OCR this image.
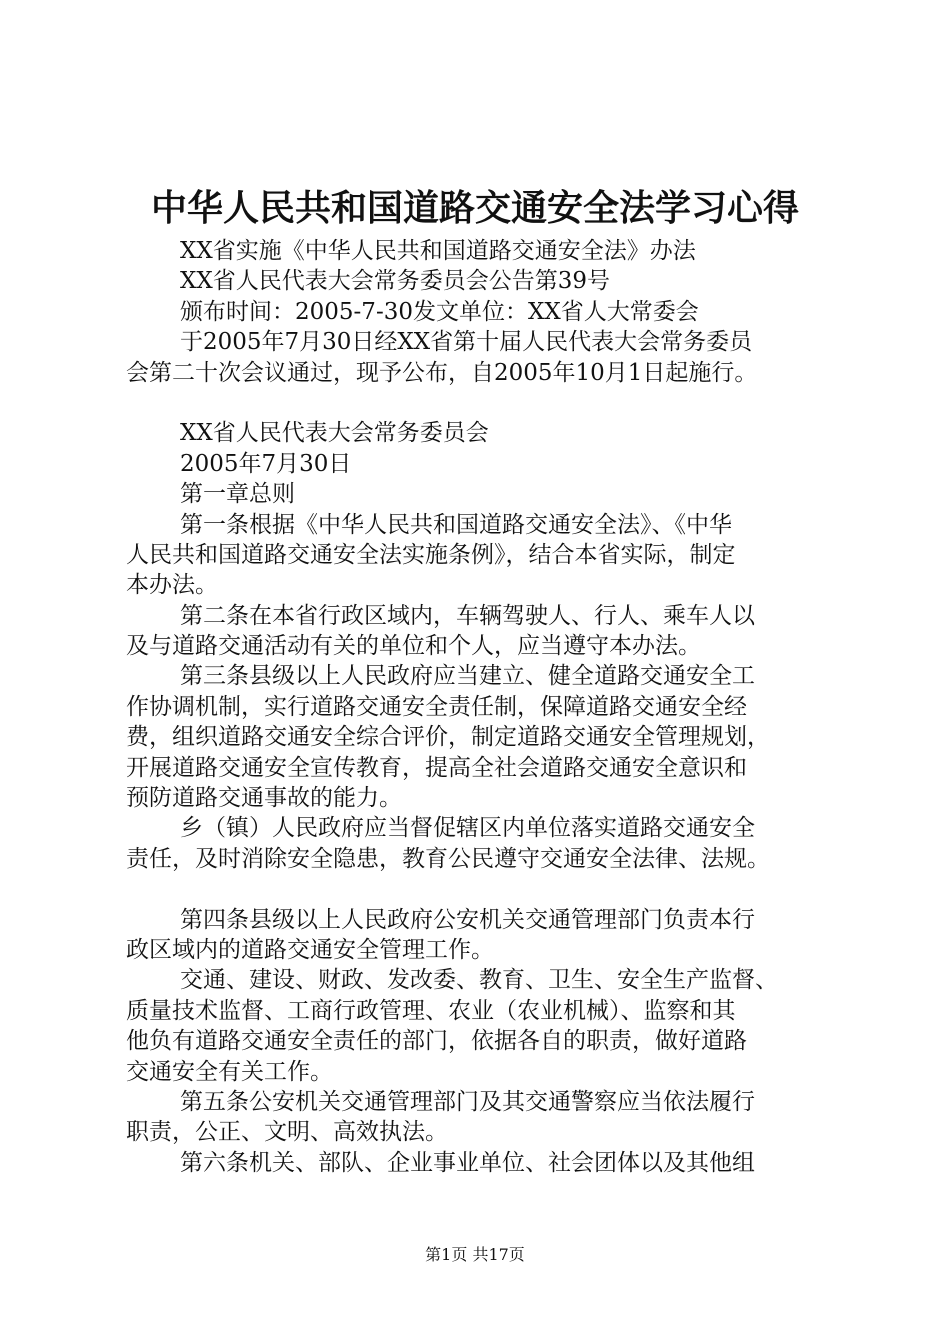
中华人民共和国道路交通安全法学习心得
XX省实施《中华人民共和国道路交通安全法》办法
XX省人民代表大会常务委员会公告第39号
颁布时间：2005-7-30发文单位：XX省人大常委会
于2005年7月30日经XX省第十届人民代表大会常务委员
会第二十次会议通过，现予公布，自2005年10月1日起施行。
XX省人民代表大会常务委员会
2005年7月30日
第一章总则
第一条根据《中华人民共和国道路交通安全法》、《中华
人民共和国道路交通安全法实施条例》，结合本省实际，制定
本办法。
第二条在本省行政区域内，车辆驾驶人、行人、乘车人以
及与道路交通活动有关的单位和个人，应当遵守本办法。
第三条县级以上人民政府应当建立、健全道路交通安全工
作协调机制，实行道路交通安全责任制，保障道路交通安全经
费，组织道路交通安全综合评价，制定道路交通安全管理规划，
开展道路交通安全宣传教育，提高全社会道路交通安全意识和
预防道路交通事故的能力。
乡（镇）人民政府应当督促辖区内单位落实道路交通安全
责任，及时消除安全隐患，教育公民遵守交通安全法律、法规。
第四条县级以上人民政府公安机关交通管理部门负责本行
政区域内的道路交通安全管理工作。
交通、建设、财政、发改委、教育、卫生、安全生产监督、
质量技术监督、工商行政管理、农业（农业机械）、监察和其
他负有道路交通安全责任的部门，依据各自的职责，做好道路
交通安全有关工作。
第五条公安机关交通管理部门及其交通警察应当依法履行
职责，公正、文明、高效执法。
第六条机关、部队、企业事业单位、社会团体以及其他组
第1页 共17页
